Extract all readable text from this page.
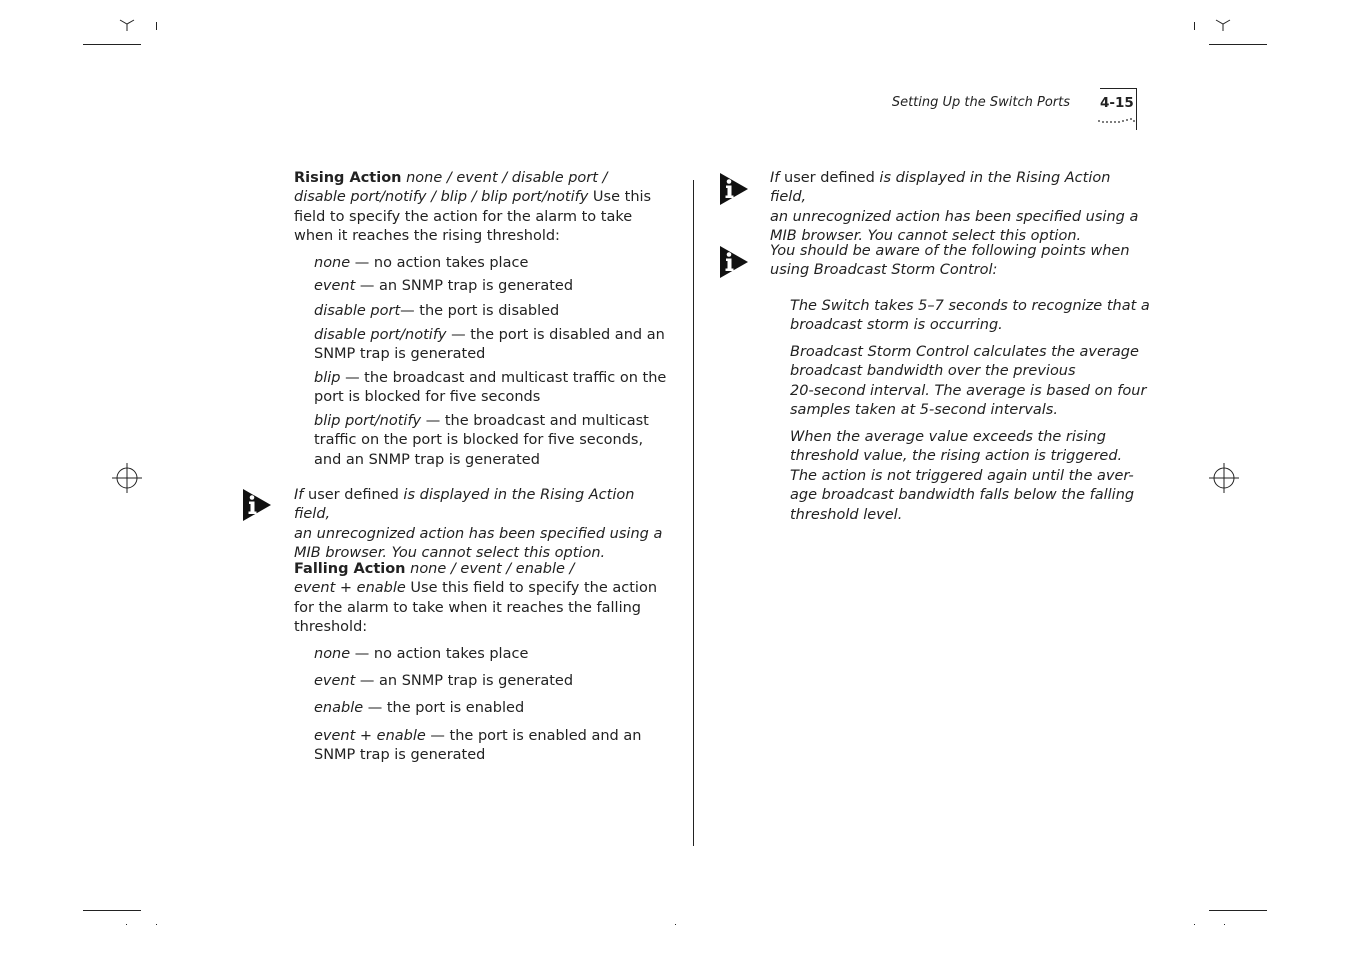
Setting Up the Switch Ports 4-15

Rising Action none / event / disable port /

disable port/notify / blip / blip port/notify Use this

field to specify the action for the alarm to take

when it reaches the rising threshold:

none — no action takes place
event — an SNMP trap is generated
disable port— the port is disabled

disable port/notify — the port is disabled and an

SNMP trap is generated

blip — the broadcast and multicast traffic on the

port is blocked for five seconds

blip port/notify — the broadcast and multicast

traffic on the port is blocked for five seconds,

and an SNMP trap is generated

If user defined is displayed in the Rising Action field,

an unrecognized action has been specified using a

MIB browser. You cannot select this option.

Falling Action none / event / enable /

event + enable Use this field to specify the action

for the alarm to take when it reaches the falling

threshold:

none — no action takes place
event — an SNMP trap is generated
enable — the port is enabled

event + enable — the port is enabled and an

SNMP trap is generated

If user defined is displayed in the Rising Action field,

an unrecognized action has been specified using a

MIB browser. You cannot select this option.

You should be aware of the following points when

using Broadcast Storm Control:

The Switch takes 5–7 seconds to recognize that a

broadcast storm is occurring.

Broadcast Storm Control calculates the average

broadcast bandwidth over the previous

20-second interval. The average is based on four

samples taken at 5-second intervals.

When the average value exceeds the rising

threshold value, the rising action is triggered.

The action is not triggered again until the aver-

age broadcast bandwidth falls below the falling

threshold level.
